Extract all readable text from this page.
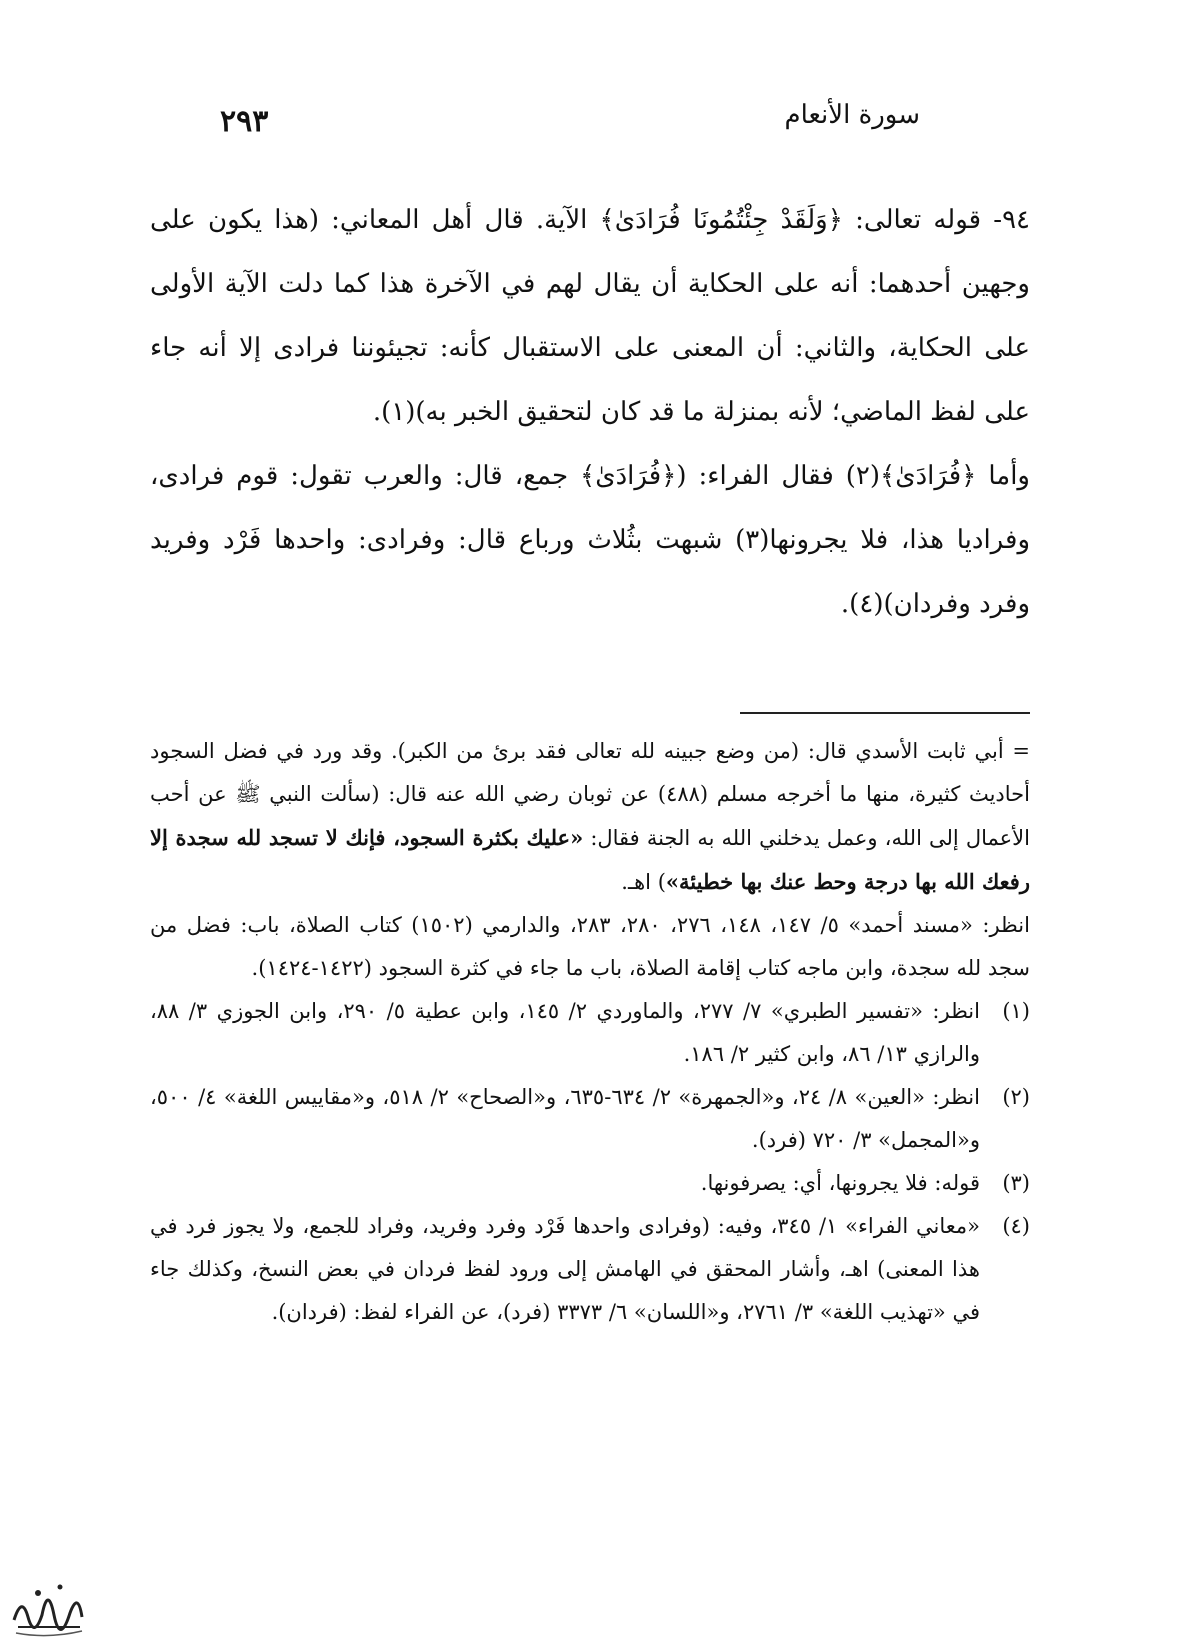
سورة الأنعام
٢٩٣

٩٤- قوله تعالى: ﴿وَلَقَدْ جِئْتُمُونَا فُرَادَىٰ﴾ الآية. قال أهل المعاني: (هذا يكون على وجهين أحدهما: أنه على الحكاية أن يقال لهم في الآخرة هذا كما دلت الآية الأولى على الحكاية، والثاني: أن المعنى على الاستقبال كأنه: تجيئوننا فرادى إلا أنه جاء على لفظ الماضي؛ لأنه بمنزلة ما قد كان لتحقيق الخبر به)(١).

وأما ﴿فُرَادَىٰ﴾(٢) فقال الفراء: (﴿فُرَادَىٰ﴾ جمع، قال: والعرب تقول: قوم فرادى، وفراديا هذا، فلا يجرونها(٣) شبهت بثُلاث ورباع قال: وفرادى: واحدها فَرْد وفريد وفرد وفردان)(٤).

= أبي ثابت الأسدي قال: (من وضع جبينه لله تعالى فقد برئ من الكبر). وقد ورد في فضل السجود أحاديث كثيرة، منها ما أخرجه مسلم (٤٨٨) عن ثوبان رضي الله عنه قال: (سألت النبي ﷺ عن أحب الأعمال إلى الله، وعمل يدخلني الله به الجنة فقال: «عليك بكثرة السجود، فإنك لا تسجد لله سجدة إلا رفعك الله بها درجة وحط عنك بها خطيئة») اهـ.

انظر: «مسند أحمد» ٥/ ١٤٧، ١٤٨، ٢٧٦، ٢٨٠، ٢٨٣، والدارمي (١٥٠٢) كتاب الصلاة، باب: فضل من سجد لله سجدة، وابن ماجه كتاب إقامة الصلاة، باب ما جاء في كثرة السجود (١٤٢٢-١٤٢٤).

(١)
انظر: «تفسير الطبري» ٧/ ٢٧٧، والماوردي ٢/ ١٤٥، وابن عطية ٥/ ٢٩٠، وابن الجوزي ٣/ ٨٨، والرازي ١٣/ ٨٦، وابن كثير ٢/ ١٨٦.
(٢)
انظر: «العين» ٨/ ٢٤، و«الجمهرة» ٢/ ٦٣٤-٦٣٥، و«الصحاح» ٢/ ٥١٨، و«مقاييس اللغة» ٤/ ٥٠٠، و«المجمل» ٣/ ٧٢٠ (فرد).
(٣)
قوله: فلا يجرونها، أي: يصرفونها.
(٤)
«معاني الفراء» ١/ ٣٤٥، وفيه: (وفرادى واحدها فَرْد وفرد وفريد، وفراد للجمع، ولا يجوز فرد في هذا المعنى) اهـ، وأشار المحقق في الهامش إلى ورود لفظ فردان في بعض النسخ، وكذلك جاء في «تهذيب اللغة» ٣/ ٢٧٦١، و«اللسان» ٦/ ٣٣٧٣ (فرد)، عن الفراء لفظ: (فردان).
